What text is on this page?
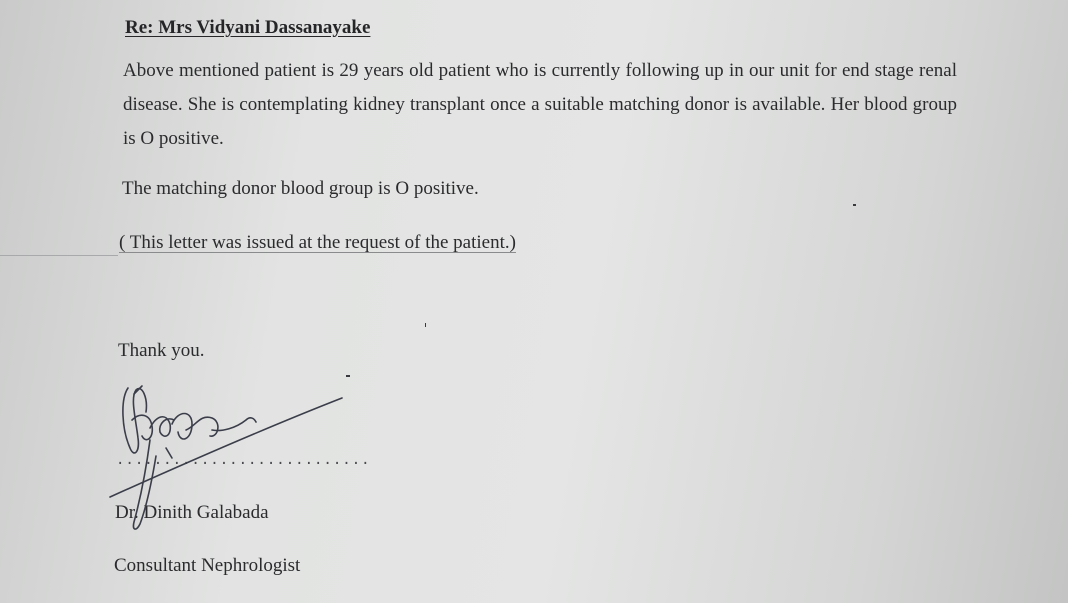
Re: Mrs Vidyani Dassanayake

Above mentioned patient is 29 years old patient who is currently following up in our unit for end stage renal disease. She is contemplating kidney transplant once a suitable matching donor is available. Her blood group is O positive.

The matching donor blood group is O positive.
( This letter was issued at the request of the patient.)
Thank you.
...........................
Dr. Dinith Galabada
Consultant Nephrologist
